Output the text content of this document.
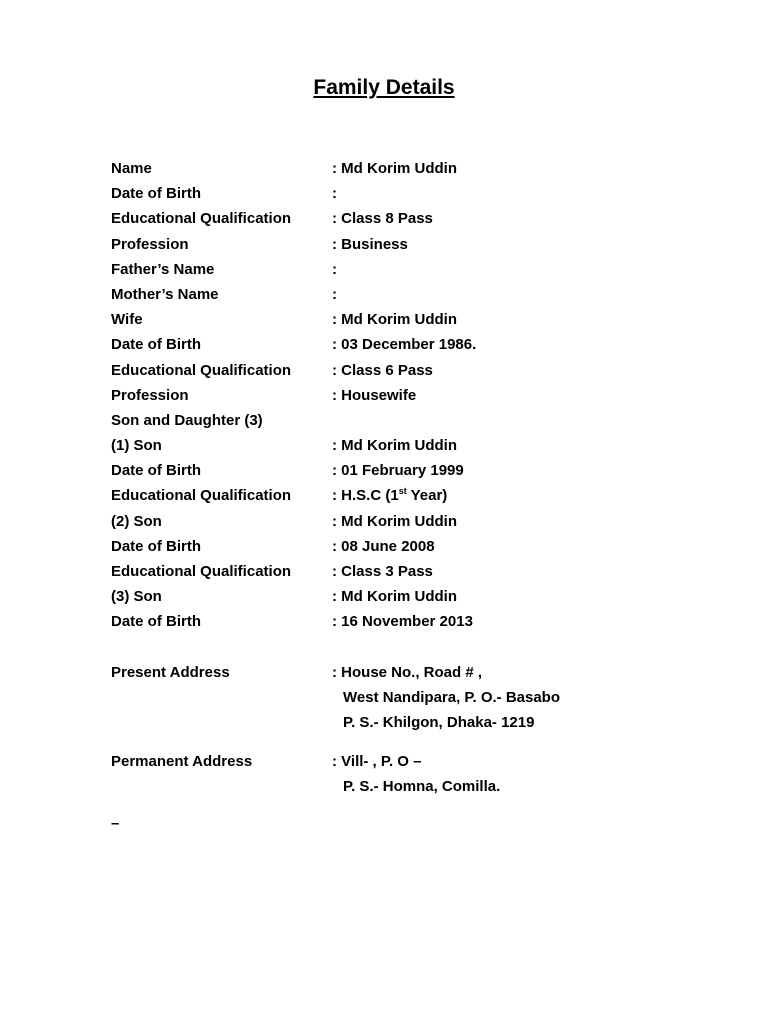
Family Details
Name	: Md Korim Uddin
Date of Birth	:
Educational Qualification	: Class 8 Pass
Profession	: Business
Father’s Name	:
Mother’s Name	:
Wife	: Md Korim Uddin
Date of Birth	: 03 December 1986.
Educational Qualification	: Class 6 Pass
Profession	: Housewife
Son and Daughter (3)
(1) Son	: Md Korim Uddin
Date of Birth	: 01 February 1999
Educational Qualification	: H.S.C (1st Year)
(2) Son	: Md Korim Uddin
Date of Birth	: 08 June 2008
Educational Qualification	: Class 3 Pass
(3) Son	: Md Korim Uddin
Date of Birth	: 16 November 2013
Present Address	: House No., Road # ,
West Nandipara, P. O.- Basabo
P. S.- Khilgon, Dhaka- 1219
Permanent Address	: Vill- , P. O –
P. S.- Homna, Comilla.
–
